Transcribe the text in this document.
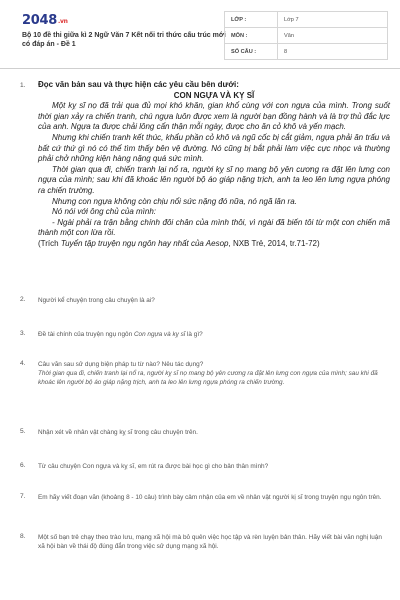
2048.vn
Bộ 10 đề thi giữa kì 2 Ngữ Văn 7 Kết nối tri thức cấu trúc mới có đáp án - Đề 1
LỚP :	Lớp 7
MÔN :	Văn
SỐ CÂU :	8
1. Đọc văn bản sau và thực hiện các yêu cầu bên dưới:
CON NGỰA VÀ KỴ SĨ

Một kỵ sĩ nọ đã trải qua đủ mọi khó khăn, gian khổ cùng với con ngựa của mình. Trong suốt thời gian xảy ra chiến tranh, chú ngựa luôn được xem là người bạn đồng hành và là trợ thủ đắc lực của anh. Ngựa ta được chải lông cẩn thận mỗi ngày, được cho ăn cỏ khô và yến mạch.

Nhưng khi chiến tranh kết thúc, khẩu phần cỏ khô và ngũ cốc bị cắt giảm, ngựa phải ăn trấu và bất cứ thứ gì nó có thể tìm thấy bên vệ đường. Nó cũng bị bắt phải làm việc cực nhọc và thường phải chở những kiện hàng nặng quá sức mình.

Thời gian qua đi, chiến tranh lại nổ ra, người kỵ sĩ nọ mang bộ yên cương ra đặt lên lưng con ngựa của mình; sau khi đã khoác lên người bộ áo giáp nặng trịch, anh ta leo lên lưng ngựa phóng ra chiến trường.

Nhưng con ngựa không còn chịu nổi sức nặng đó nữa, nó ngã lăn ra.

Nó nói với ông chủ của mình:

- Ngài phải ra trận bằng chính đôi chân của mình thôi, vì ngài đã biến tôi từ một con chiến mã thành một con lừa rồi.

(Trích Tuyển tập truyện ngụ ngôn hay nhất của Aesop, NXB Trẻ, 2014, tr.71-72)
2. Người kể chuyện trong câu chuyện là ai?
3. Đề tài chính của truyện ngụ ngôn Con ngựa và kỵ sĩ là gì?
4. Câu văn sau sử dụng biện pháp tu từ nào? Nêu tác dụng?
Thời gian qua đi, chiến tranh lại nổ ra, người kỵ sĩ nọ mang bộ yên cương ra đặt lên lưng con ngựa của mình; sau khi đã khoác lên người bộ áo giáp nặng trịch, anh ta leo lên lưng ngựa phóng ra chiến trường.
5. Nhận xét về nhân vật chàng kỵ sĩ trong câu chuyện trên.
6. Từ câu chuyện Con ngựa và kỵ sĩ, em rút ra được bài học gì cho bản thân mình?
7. Em hãy viết đoạn văn (khoảng 8 - 10 câu) trình bày cảm nhận của em về nhân vật người kị sĩ trong truyện ngụ ngôn trên.
8. Một số bạn trẻ chạy theo trào lưu, mạng xã hội mà bỏ quên việc học tập và rèn luyện bản thân. Hãy viết bài văn nghị luận xã hội bàn về thái độ đúng đắn trong việc sử dụng mạng xã hội.
